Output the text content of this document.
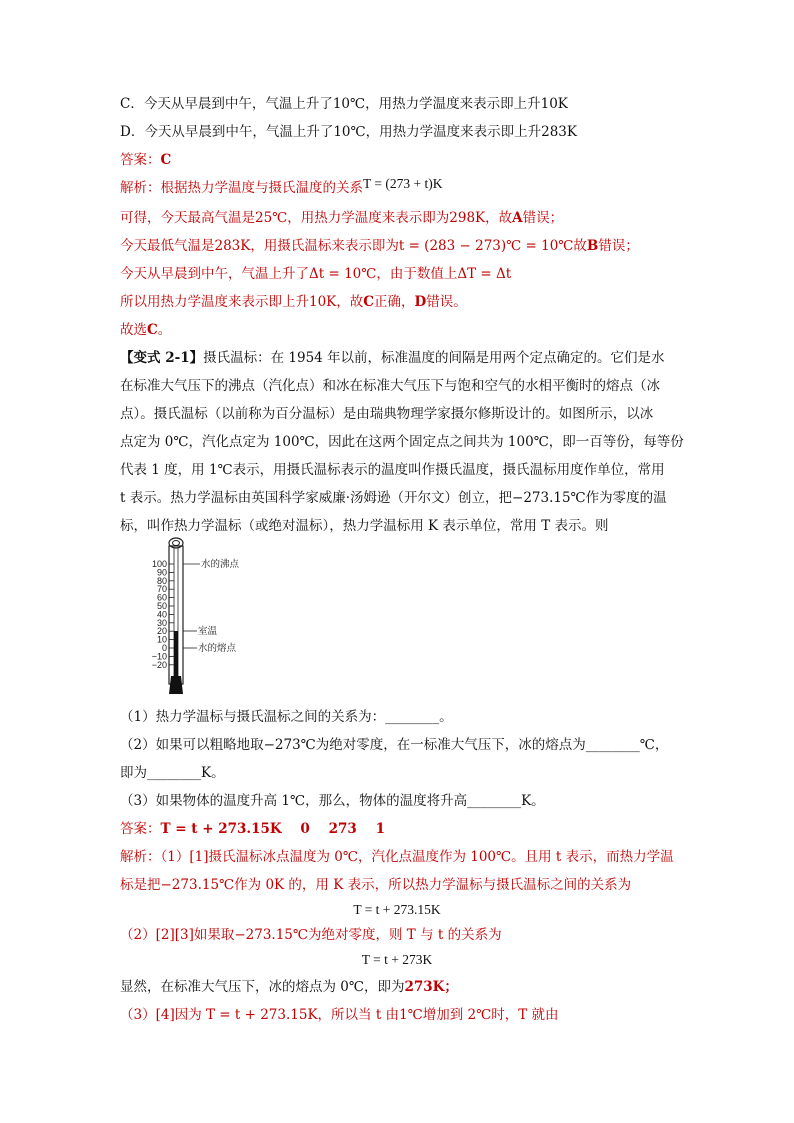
C．今天从早晨到中午，气温上升了10℃，用热力学温度来表示即上升10K
D．今天从早晨到中午，气温上升了10℃，用热力学温度来表示即上升283K
答案：C
解析：根据热力学温度与摄氏温度的关系T = (273 + t)K
可得，今天最高气温是25℃，用热力学温度来表示即为298K，故A错误；
今天最低气温是283K，用摄氏温标来表示即为t = (283 − 273)℃ = 10℃故B错误；
今天从早晨到中午，气温上升了Δt = 10℃，由于数值上ΔT = Δt
所以用热力学温度来表示即上升10K，故C正确，D错误。
故选C。
【变式 2-1】摄氏温标：在 1954 年以前，标准温度的间隔是用两个定点确定的。它们是水
在标准大气压下的沸点（汽化点）和冰在标准大气压下与饱和空气的水相平衡时的熔点（冰
点）。摄氏温标（以前称为百分温标）是由瑞典物理学家摄尔修斯设计的。如图所示，以冰
点定为 0℃，汽化点定为 100℃，因此在这两个固定点之间共为 100℃，即一百等份，每等份
代表 1 度，用 1℃表示，用摄氏温标表示的温度叫作摄氏温度，摄氏温标用度作单位，常用
t 表示。热力学温标由英国科学家威廉·汤姆逊（开尔文）创立，把−273.15℃作为零度的温
标，叫作热力学温标（或绝对温标），热力学温标用 K 表示单位，常用 T 表示。则
100
90
80
70
60
50
40
30
20
10
0
−10
−20
水的沸点
室温
水的熔点
（1）热力学温标与摄氏温标之间的关系为：________。
（2）如果可以粗略地取−273℃为绝对零度，在一标准大气压下，冰的熔点为________℃，
即为________K。
（3）如果物体的温度升高 1℃，那么，物体的温度将升高________K。
答案：T = t + 273.15K    0    273    1
解析：（1）[1]摄氏温标冰点温度为 0℃，汽化点温度作为 100℃。且用 t 表示，而热力学温
标是把−273.15℃作为 0K 的，用 K 表示，所以热力学温标与摄氏温标之间的关系为
T = t + 273.15K
（2）[2][3]如果取−273.15℃为绝对零度，则 T 与 t 的关系为
T = t + 273K
显然，在标准大气压下，冰的熔点为 0℃，即为273K；
（3）[4]因为 T = t + 273.15K，所以当 t 由1℃增加到 2℃时，T 就由
